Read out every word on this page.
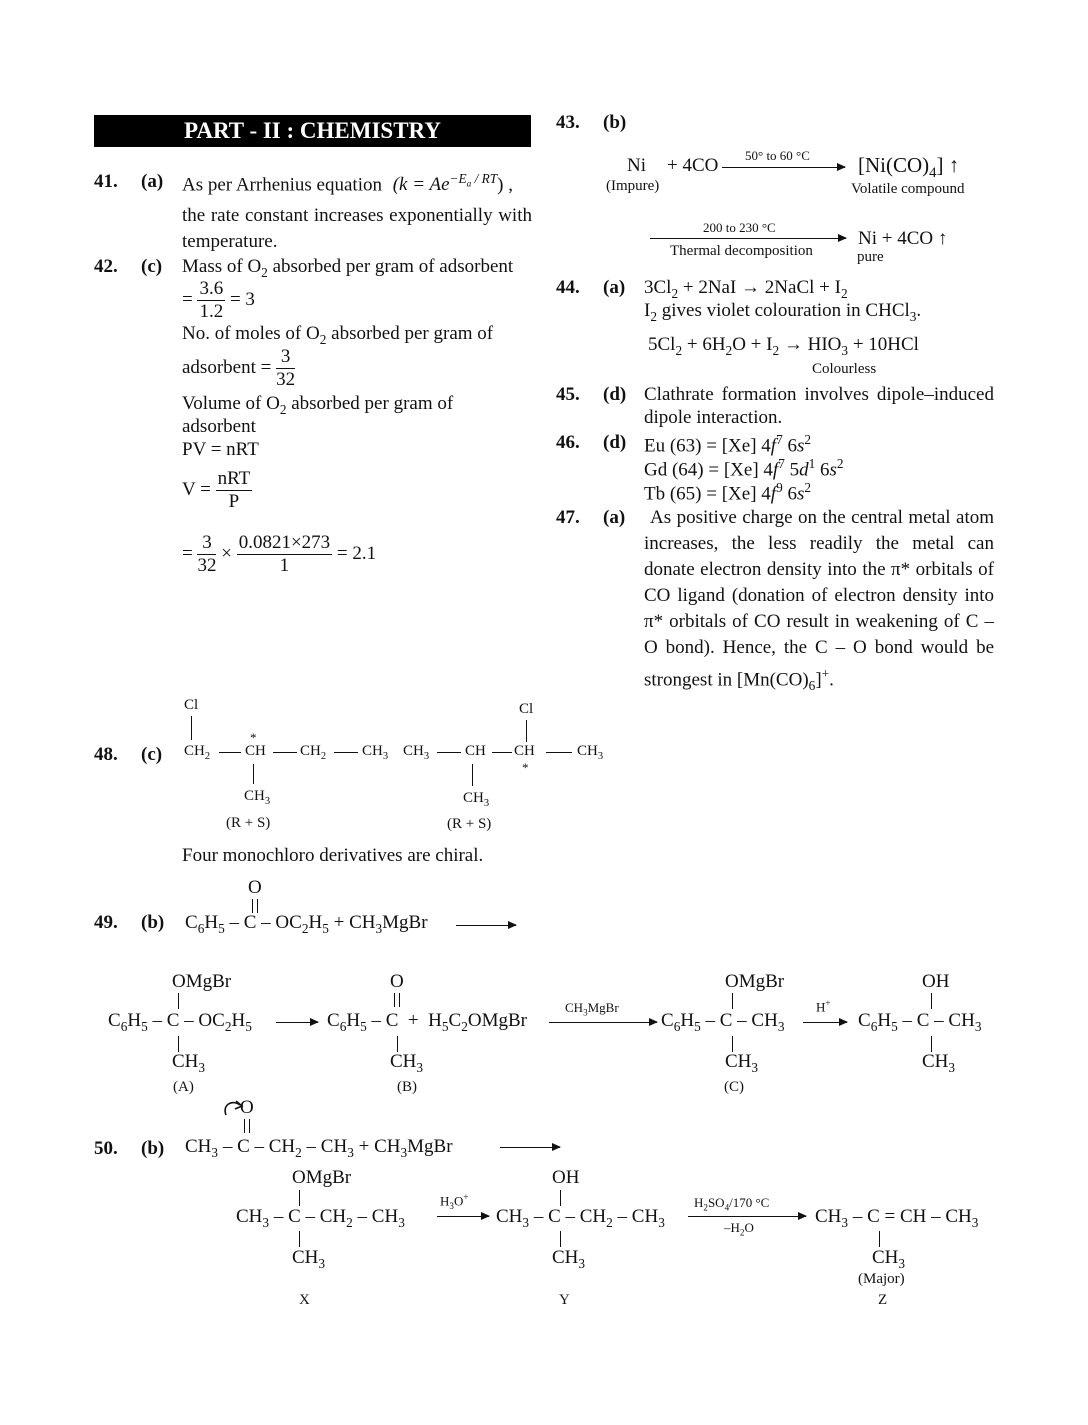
PART - II : CHEMISTRY
41. (a) As per Arrhenius equation $(k = Ae^{-E_a / RT})$ ,
the rate constant increases exponentially with temperature.
42. (c) Mass of $O_2$ absorbed per gram of adsorbent
= $\frac{3.6}{1.2} = 3$
No. of moles of $O_2$ absorbed per gram of
adsorbent = $\frac{3}{32}$
Volume of $O_2$ absorbed per gram of
adsorbent
PV = nRT
$V = \frac{\text{nRT}}{P}$
= $\frac{3}{32} \times \frac{0.0821\times 273}{1} = 2.1$
43. (b)
Ni + 4CO
(Impure)
50° to 60 °C $[Ni(CO)_4]$ ↑
Volatile compound
200 to 230 °C
Thermal decomposition
Ni + 4CO ↑
pure
44. (a) $3Cl_2 + 2NaI$ → 2NaCl + $I_2$
$I_2$ gives violet colouration in CHCl$_3$.
$5Cl_2 + 6H_2O + I_2 \to HIO_3 + 10HCl$
Colourless
45. (d) Clathrate formation involves dipole–induced dipole interaction.
46. (d) Eu (63) = [Xe] $4f^7$ $6s^2$
Gd (64) = [Xe] $4f^7$ $5d^1$ $6s^2$
Tb (65) = [Xe] $4f^9$ $6s^2$
47. (a)	As positive charge on the central metal atom increases, the less readily the metal can donate electron density into the π* orbitals of CO ligand (donation of electron density into π* orbitals of CO result in weakening of C – O bond). Hence, the C – O bond would be strongest in $[Mn(CO)_6]^+$.
48. (c)
Cl
$CH_2$
*
CH $CH_2$ $CH_3$
$CH_3$
(R + S)
Cl
$CH_3$ CH CH
*
$CH_3$
$CH_3$
(R + S)
Four monochloro derivatives are chiral.
49. (b)
O
$C_6H_5$ – C – $OC_2H_5$ + $CH_3MgBr$
OMgBr
$C_6H_5$ – C – $OC_2H_5$
$CH_3$
(A)
O
$C_6H_5$ – $C + H_5C_2OMgBr$
$CH_3$
(B)
$CH_3MgBr$
OMgBr
$C_6H_5$ – C – $CH_3$
$CH_3$
(C)
H+
OH
$C_6H_5$ – C – $CH_3$
$CH_3$
50. (b)
O
$CH_3$ – C – $CH_2 - CH_3$ + $CH_3MgBr$
OMgBr
$CH_3$ – C – $CH_2 - CH_3$
$CH_3$
X
$H_3O^+$
OH
$CH_3$ – C – $CH_2 - CH_3$
$CH_3$
Y
$H_2SO_4/170$ °C
$-H_2O$
$CH_3$ – C = CH – $CH_3$
$CH_3$
(Major)
Z
